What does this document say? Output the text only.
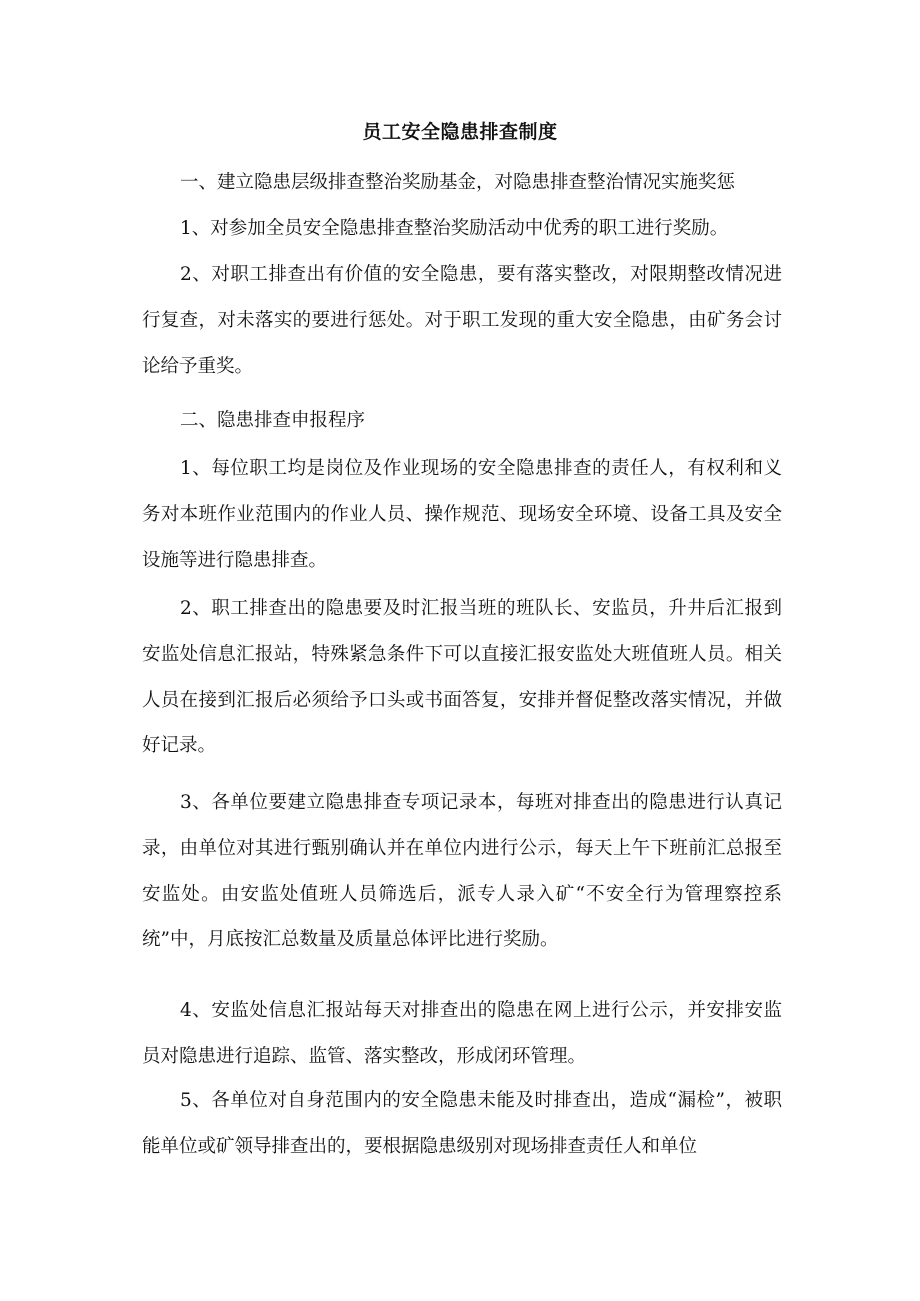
员工安全隐患排查制度

一、建立隐患层级排查整治奖励基金，对隐患排查整治情况实施奖惩

1、对参加全员安全隐患排查整治奖励活动中优秀的职工进行奖励。

2、对职工排查出有价值的安全隐患，要有落实整改，对限期整改情况进行复查，对未落实的要进行惩处。对于职工发现的重大安全隐患，由矿务会讨论给予重奖。

二、隐患排查申报程序

1、每位职工均是岗位及作业现场的安全隐患排查的责任人，有权利和义务对本班作业范围内的作业人员、操作规范、现场安全环境、设备工具及安全设施等进行隐患排查。

2、职工排查出的隐患要及时汇报当班的班队长、安监员，升井后汇报到安监处信息汇报站，特殊紧急条件下可以直接汇报安监处大班值班人员。相关人员在接到汇报后必须给予口头或书面答复，安排并督促整改落实情况，并做好记录。

3、各单位要建立隐患排查专项记录本，每班对排查出的隐患进行认真记录，由单位对其进行甄别确认并在单位内进行公示，每天上午下班前汇总报至安监处。由安监处值班人员筛选后，派专人录入矿“不安全行为管理察控系统”中，月底按汇总数量及质量总体评比进行奖励。

4、安监处信息汇报站每天对排查出的隐患在网上进行公示，并安排安监员对隐患进行追踪、监管、落实整改，形成闭环管理。

5、各单位对自身范围内的安全隐患未能及时排查出，造成“漏检”，被职能单位或矿领导排查出的，要根据隐患级别对现场排查责任人和单位
